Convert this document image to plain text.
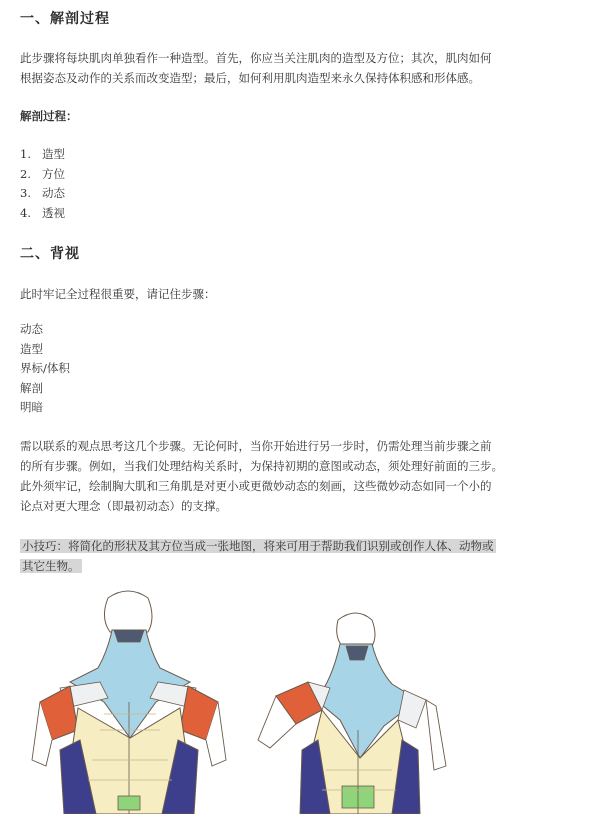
一、解剖过程

此步骤将每块肌肉单独看作一种造型。首先，你应当关注肌肉的造型及方位；其次，肌肉如何

根据姿态及动作的关系而改变造型；最后，如何利用肌肉造型来永久保持体积感和形体感。

解剖过程：

1. 造型
2. 方位
3. 动态
4. 透视
二、背视

此时牢记全过程很重要，请记住步骤：

动态
造型
界标/体积
解剖
明暗

需以联系的观点思考这几个步骤。无论何时，当你开始进行另一步时，仍需处理当前步骤之前

的所有步骤。例如，当我们处理结构关系时，为保持初期的意图或动态，须处理好前面的三步。

此外须牢记，绘制胸大肌和三角肌是对更小或更微妙动态的刻画，这些微妙动态如同一个小的

论点对更大理念（即最初动态）的支撑。

小技巧：将简化的形状及其方位当成一张地图，将来可用于帮助我们识别或创作人体、动物或

其它生物。
